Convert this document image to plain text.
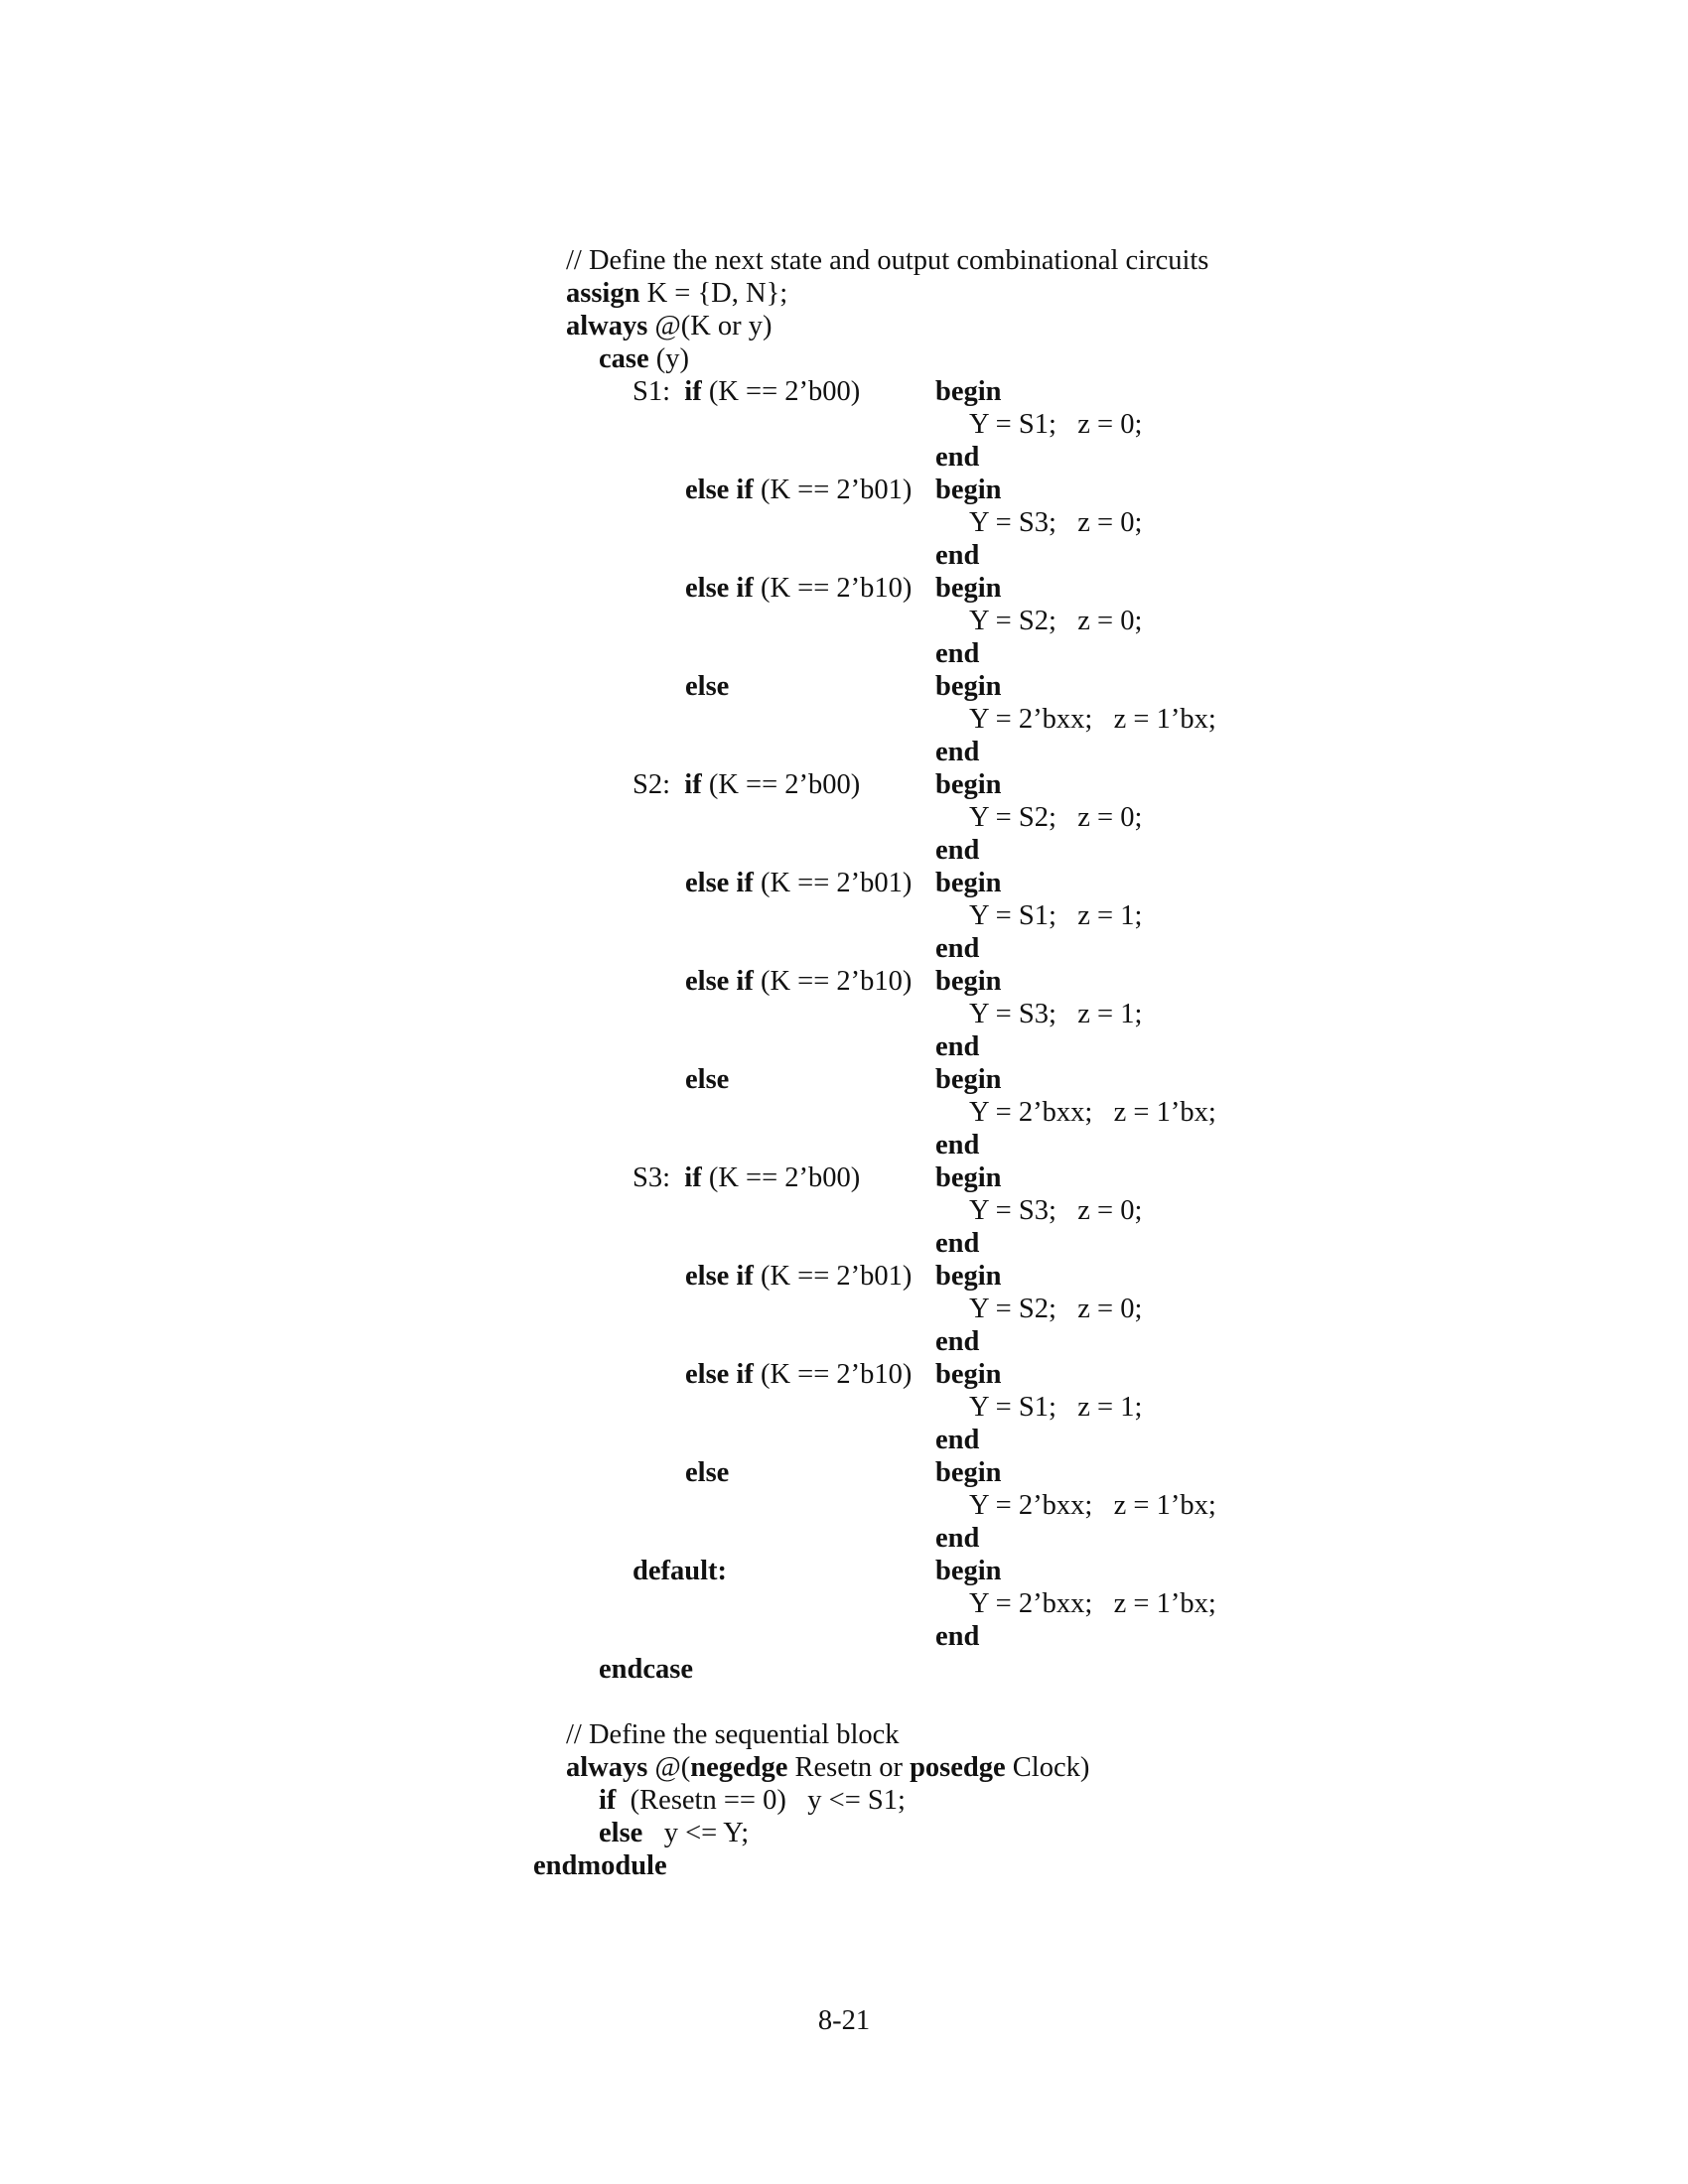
// Define the next state and output combinational circuits
assign K = {D, N};
always @(K or y)
case (y)
S1:  if (K == 2’b00)	begin
Y = S1;   z = 0;
end
else if (K == 2’b01) begin
Y = S3;   z = 0;
end
else if (K == 2’b10) begin
Y = S2;   z = 0;
end
else	begin
Y = 2’bxx;   z = 1’bx;
end
S2:  if (K == 2’b00)	begin
Y = S2;   z = 0;
end
else if (K == 2’b01) begin
Y = S1;   z = 1;
end
else if (K == 2’b10) begin
Y = S3;   z = 1;
end
else	begin
Y = 2’bxx;   z = 1’bx;
end
S3:  if (K == 2’b00)	begin
Y = S3;   z = 0;
end
else if (K == 2’b01) begin
Y = S2;   z = 0;
end
else if (K == 2’b10) begin
Y = S1;   z = 1;
end
else	begin
Y = 2’bxx;   z = 1’bx;
end
default:	begin
Y = 2’bxx;   z = 1’bx;
end
endcase
// Define the sequential block
always @(negedge Resetn or posedge Clock)
if  (Resetn == 0)   y <= S1;
else   y <= Y;
endmodule
8-21
